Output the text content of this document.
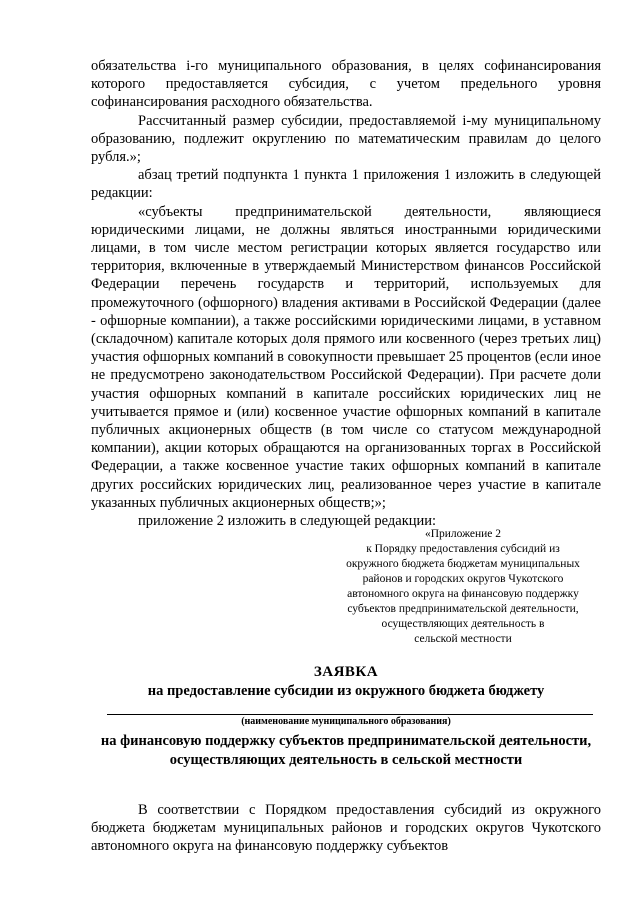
обязательства i-го муниципального образования, в целях софинансирования которого предоставляется субсидия, с учетом предельного уровня софинансирования расходного обязательства.

Рассчитанный размер субсидии, предоставляемой i-му муниципальному образованию, подлежит округлению по математическим правилам до целого рубля.»;

абзац третий подпункта 1 пункта 1 приложения 1 изложить в следующей редакции:

«субъекты предпринимательской деятельности, являющиеся юридическими лицами, не должны являться иностранными юридическими лицами, в том числе местом регистрации которых является государство или территория, включенные в утверждаемый Министерством финансов Российской Федерации перечень государств и территорий, используемых для промежуточного (офшорного) владения активами в Российской Федерации (далее - офшорные компании), а также российскими юридическими лицами, в уставном (складочном) капитале которых доля прямого или косвенного (через третьих лиц) участия офшорных компаний в совокупности превышает 25 процентов (если иное не предусмотрено законодательством Российской Федерации). При расчете доли участия офшорных компаний в капитале российских юридических лиц не учитывается прямое и (или) косвенное участие офшорных компаний в капитале публичных акционерных обществ (в том числе со статусом международной компании), акции которых обращаются на организованных торгах в Российской Федерации, а также косвенное участие таких офшорных компаний в капитале других российских юридических лиц, реализованное через участие в капитале указанных публичных акционерных обществ;»;

приложение 2 изложить в следующей редакции:

«Приложение 2
к Порядку предоставления субсидий из
окружного бюджета бюджетам муниципальных
районов и городских округов Чукотского
автономного округа на финансовую поддержку
субъектов предпринимательской деятельности,
осуществляющих деятельность в
сельской местности
ЗАЯВКА
на предоставление субсидии из окружного бюджета бюджету
(наименование муниципального образования)
на финансовую поддержку субъектов предпринимательской деятельности,
осуществляющих деятельность в сельской местности

В соответствии с Порядком предоставления субсидий из окружного бюджета бюджетам муниципальных районов и городских округов Чукотского автономного округа на финансовую поддержку субъектов
